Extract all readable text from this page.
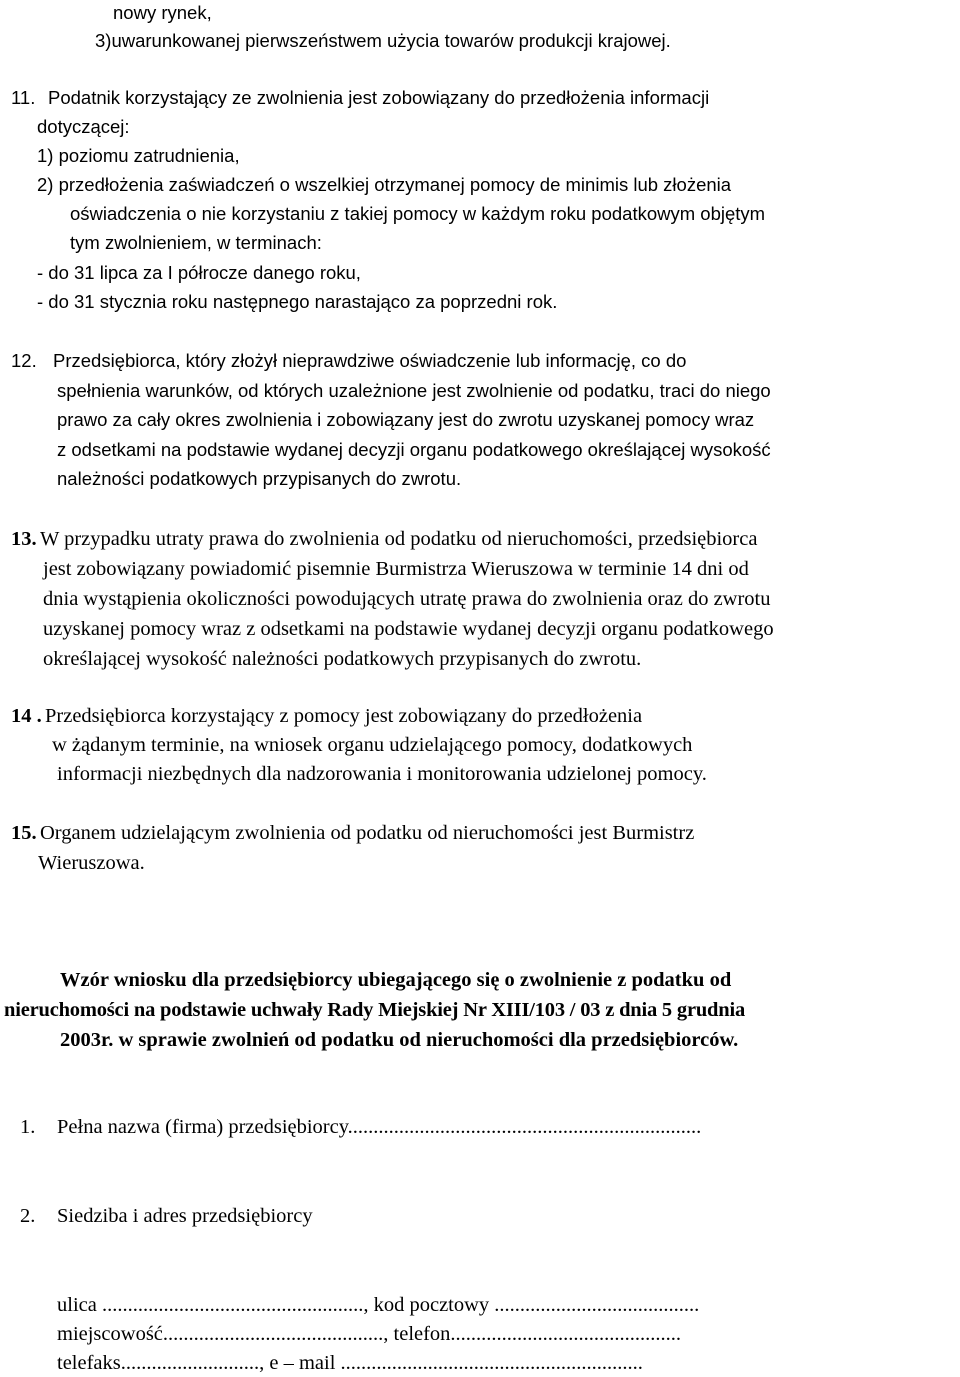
nowy rynek,
3)uwarunkowanej pierwszeństwem użycia towarów produkcji krajowej.
11. Podatnik korzystający ze zwolnienia jest zobowiązany do przedłożenia informacji
dotyczącej:
1) poziomu zatrudnienia,
2) przedłożenia zaświadczeń o wszelkiej otrzymanej pomocy de minimis lub złożenia
oświadczenia o nie korzystaniu z takiej pomocy w każdym roku podatkowym objętym
tym zwolnieniem, w terminach:
- do 31 lipca za I półrocze danego roku,
- do 31 stycznia roku następnego narastająco za poprzedni rok.
12. Przedsiębiorca, który złożył nieprawdziwe oświadczenie lub informację, co do
spełnienia warunków, od których uzależnione jest zwolnienie od podatku, traci do niego
prawo za cały okres zwolnienia i zobowiązany jest do zwrotu uzyskanej pomocy wraz
z odsetkami na podstawie wydanej decyzji organu podatkowego określającej wysokość
należności podatkowych przypisanych do zwrotu.
13. W przypadku utraty prawa do zwolnienia od podatku od nieruchomości, przedsiębiorca
jest zobowiązany powiadomić pisemnie Burmistrza Wieruszowa w terminie 14 dni od
dnia wystąpienia okoliczności powodujących utratę prawa do zwolnienia oraz do zwrotu
uzyskanej pomocy wraz z odsetkami na podstawie wydanej decyzji organu podatkowego
określającej wysokość należności podatkowych przypisanych do zwrotu.
14 . Przedsiębiorca korzystający z pomocy jest zobowiązany do przedłożenia
w żądanym terminie, na wniosek organu udzielającego pomocy, dodatkowych
informacji niezbędnych dla nadzorowania i monitorowania udzielonej pomocy.
15. Organem udzielającym zwolnienia od podatku od nieruchomości jest Burmistrz
Wieruszowa.
Wzór wniosku dla przedsiębiorcy ubiegającego się o zwolnienie z podatku od
nieruchomości na podstawie uchwały Rady Miejskiej Nr XIII/103 / 03 z dnia 5 grudnia
2003r. w sprawie zwolnień od podatku od nieruchomości dla przedsiębiorców.
1. Pełna nazwa (firma) przedsiębiorcy.....................................................................
2. Siedziba i adres przedsiębiorcy
ulica ..................................................., kod pocztowy ........................................
miejscowość..........................................., telefon.............................................
telefaks..........................., e – mail ...........................................................
